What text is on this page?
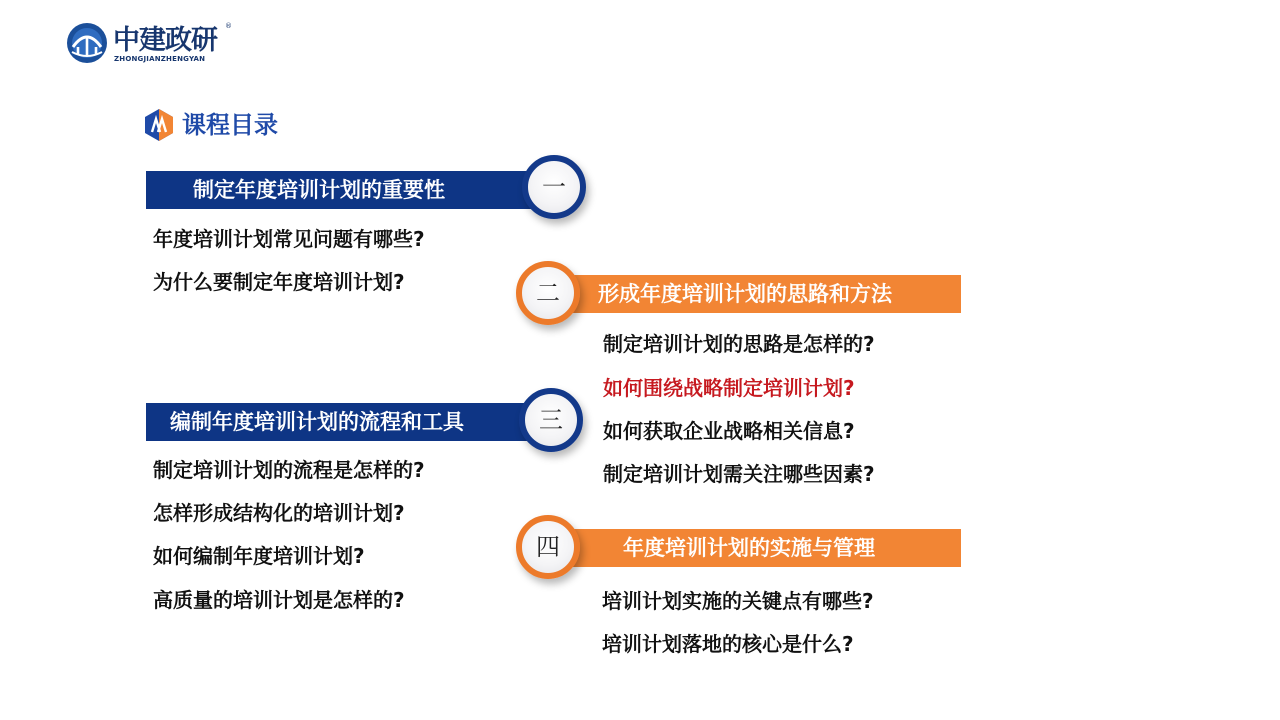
中建政研 ®
ZHONGJIANZHENGYAN
课程目录
制定年度培训计划的重要性	一
年度培训计划常见问题有哪些?
为什么要制定年度培训计划?	形成年度培训计划的思路和方法
二
制定培训计划的思路是怎样的?
如何围绕战略制定培训计划?
如何获取企业战略相关信息?
制定培训计划需关注哪些因素?
编制年度培训计划的流程和工具	三
制定培训计划的流程是怎样的?
怎样形成结构化的培训计划?
如何编制年度培训计划?
高质量的培训计划是怎样的?
年度培训计划的实施与管理
四
培训计划实施的关键点有哪些?
培训计划落地的核心是什么?
